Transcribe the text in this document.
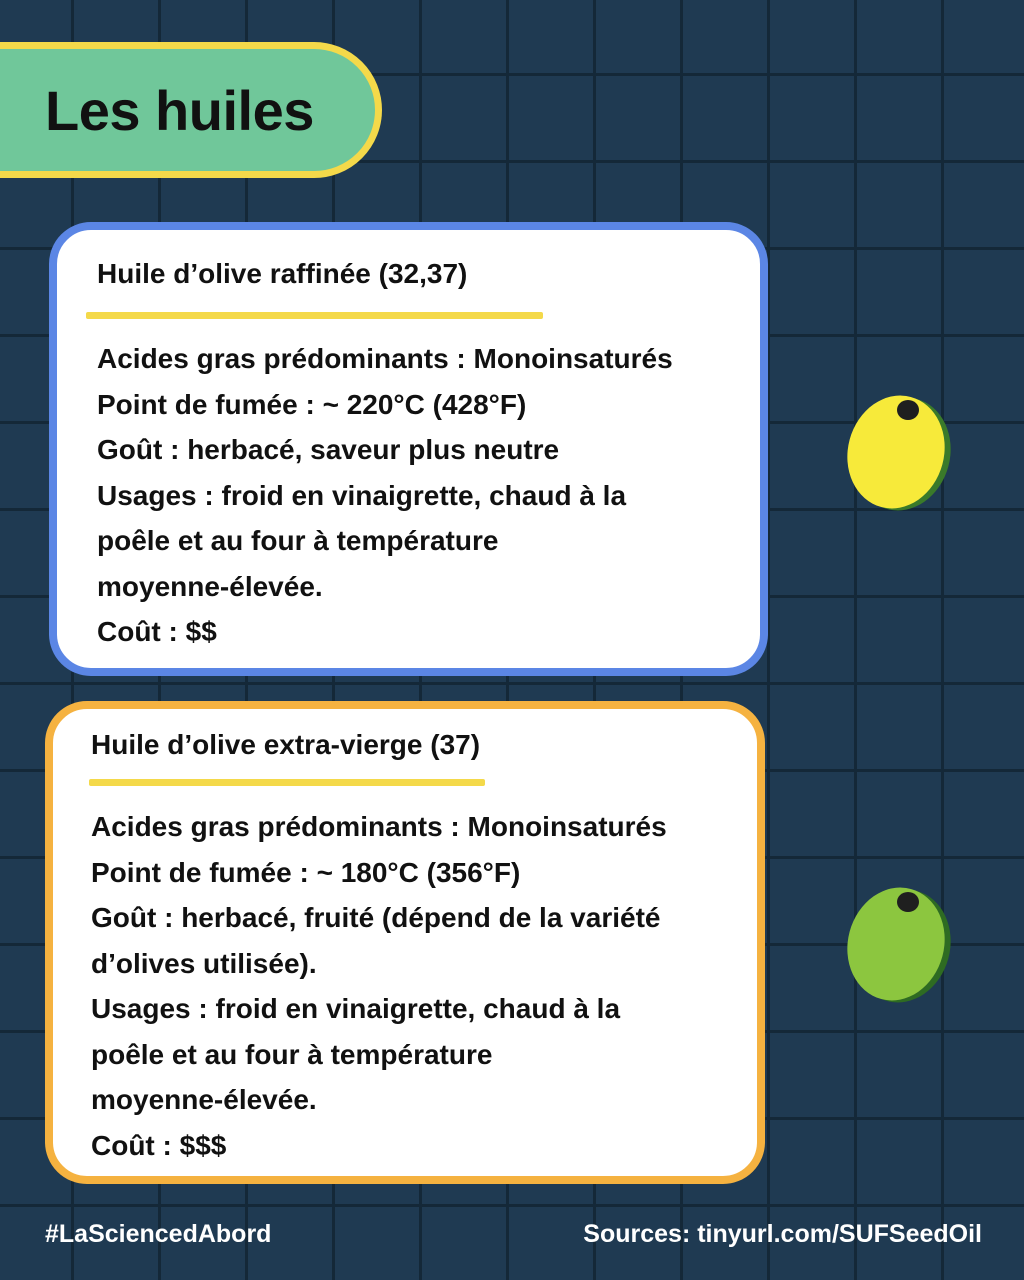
Les huiles
Huile d’olive raffinée (32,37)
Acides gras prédominants : Monoinsaturés
Point de fumée : ~ 220°C (428°F)
Goût : herbacé, saveur plus neutre
Usages : froid en vinaigrette, chaud à la
poêle et au four à température
moyenne-élevée.
Coût : $$
Huile d’olive extra-vierge (37)
Acides gras prédominants : Monoinsaturés
Point de fumée : ~ 180°C (356°F)
Goût : herbacé, fruité (dépend de la variété
d’olives utilisée).
Usages : froid en vinaigrette, chaud à la
poêle et au four à température
moyenne-élevée.
Coût : $$$
#LaSciencedAbord	Sources: tinyurl.com/SUFSeedOil
